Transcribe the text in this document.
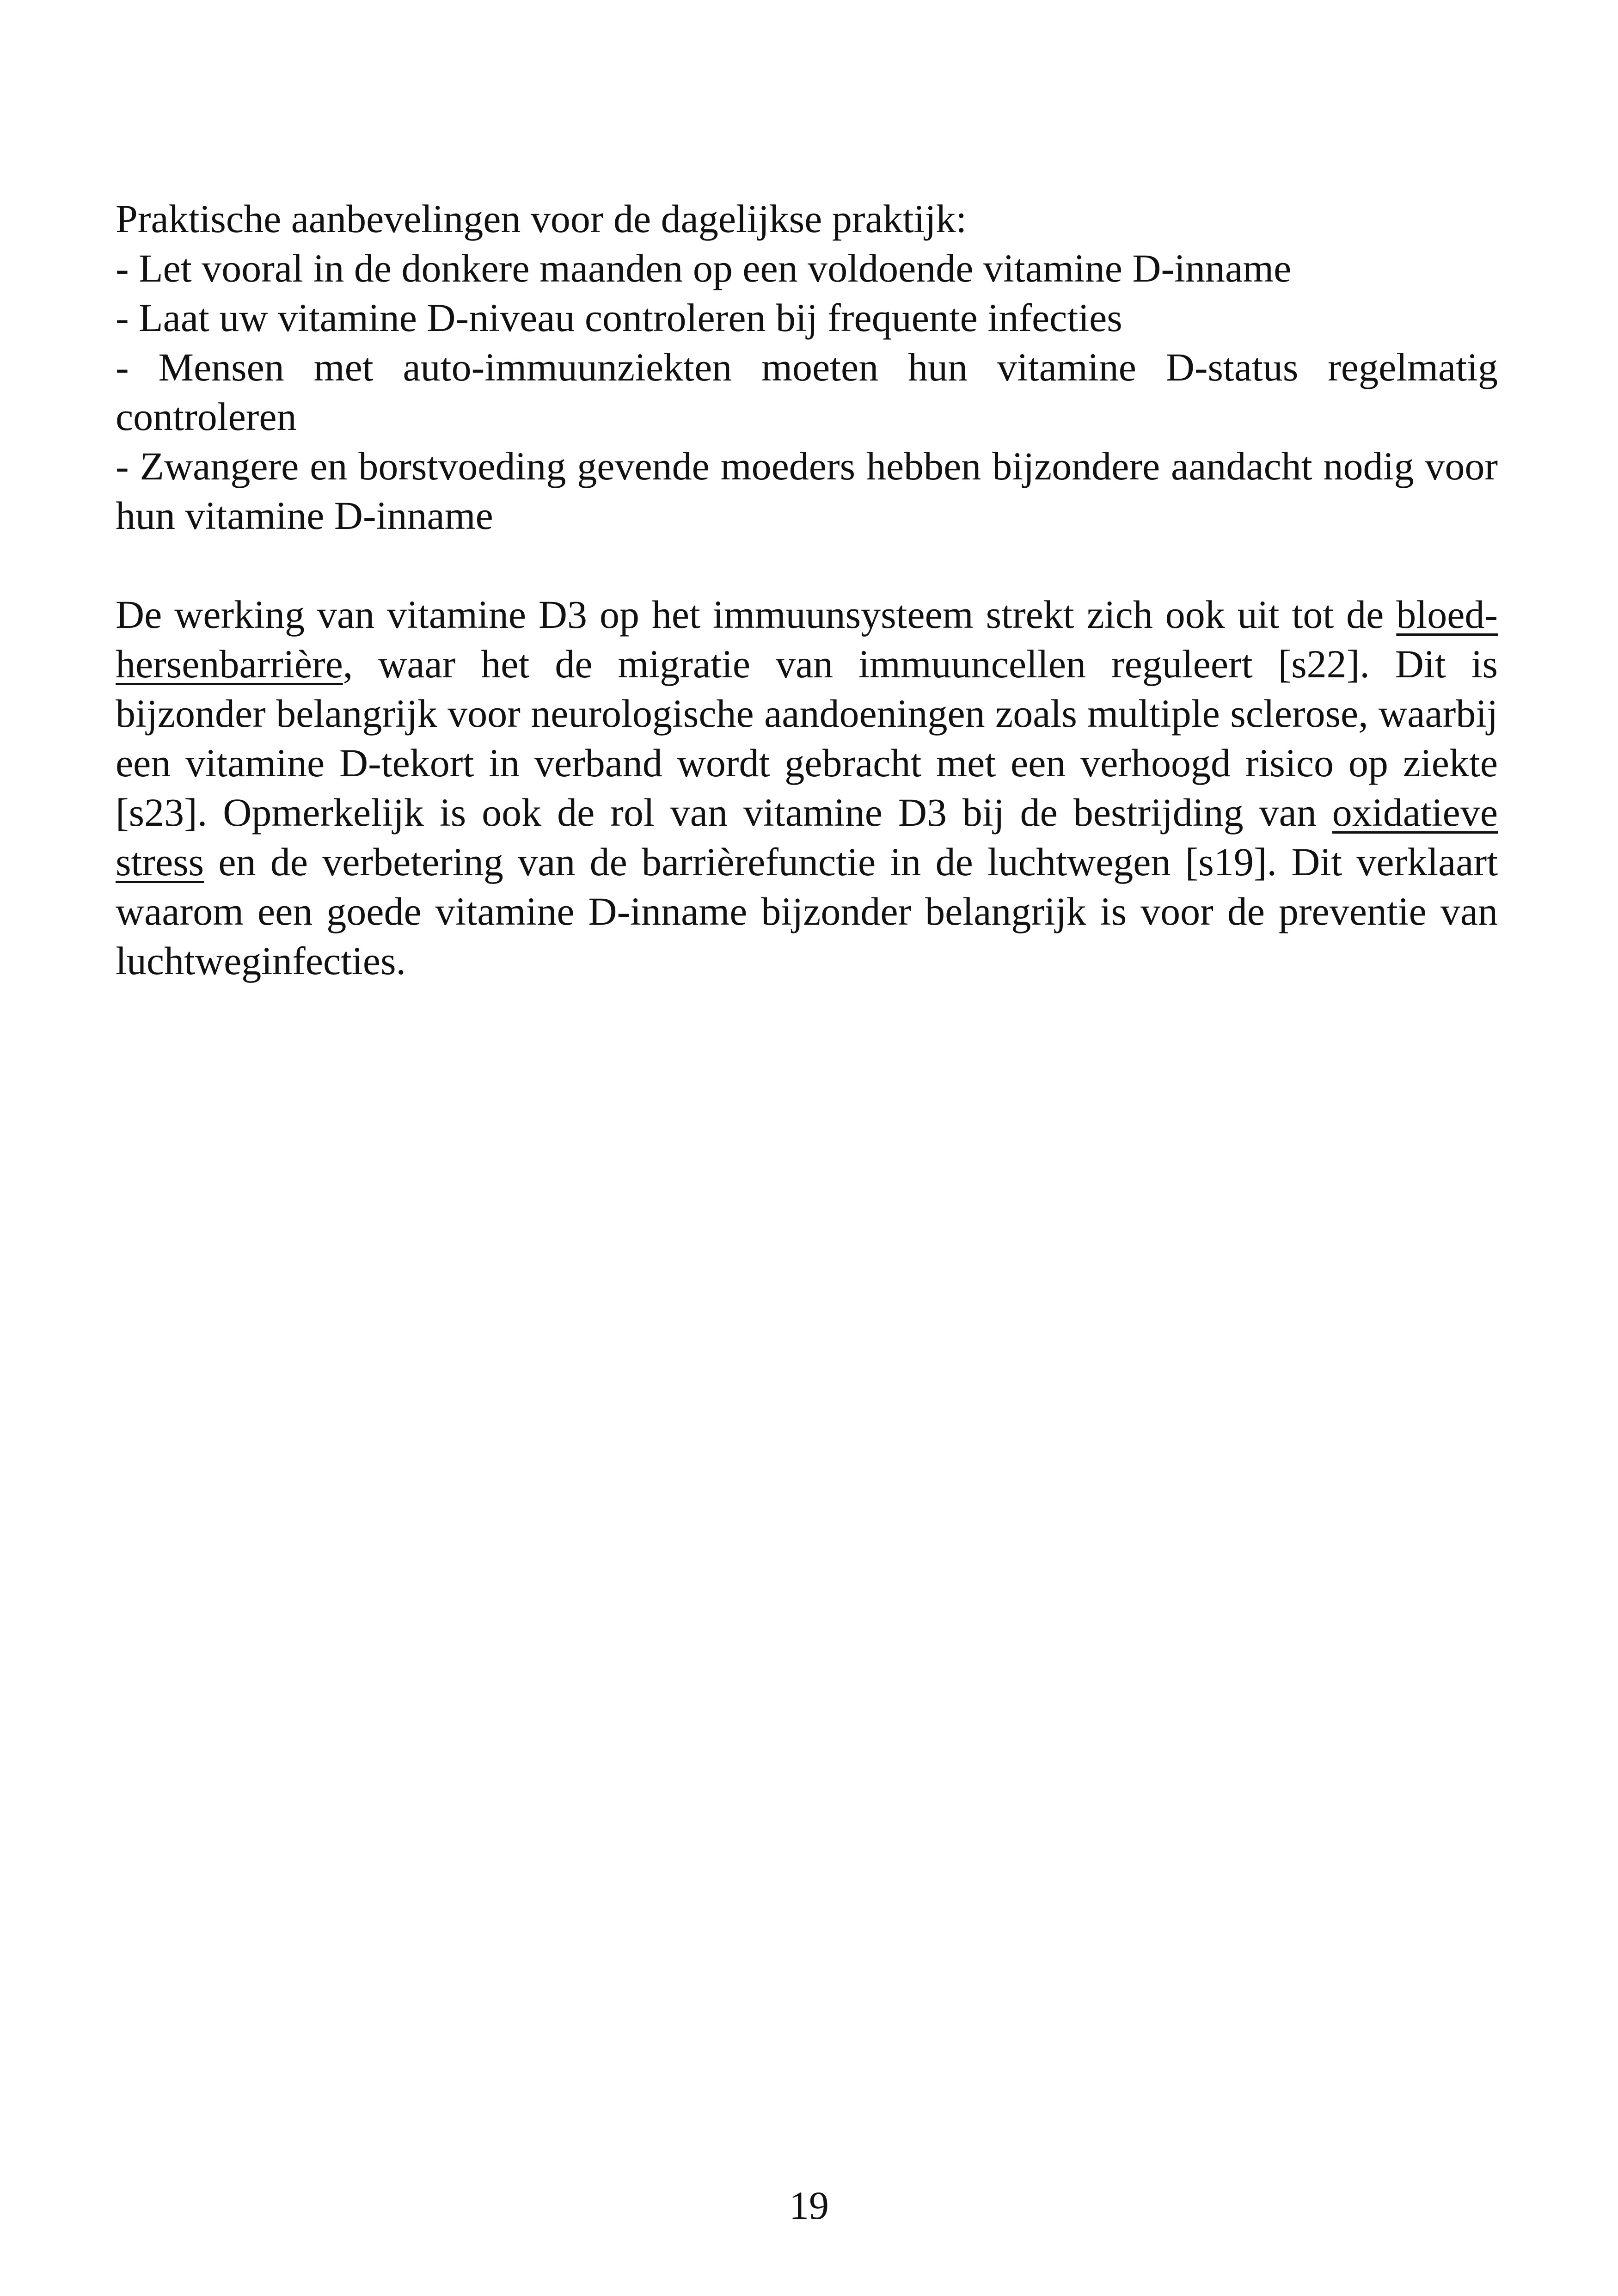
Praktische aanbevelingen voor de dagelijkse praktijk:

- Let vooral in de donkere maanden op een voldoende vitamine D-inname

- Laat uw vitamine D-niveau controleren bij frequente infecties

- Mensen met auto-immuunziekten moeten hun vitamine D-status regelmatig controleren

- Zwangere en borstvoeding gevende moeders hebben bijzondere aandacht nodig voor hun vitamine D-inname

De werking van vitamine D3 op het immuunsysteem strekt zich ook uit tot de bloed-hersenbarrière, waar het de migratie van immuuncellen reguleert [s22]. Dit is bijzonder belangrijk voor neurologische aandoeningen zoals multiple sclerose, waarbij een vitamine D-tekort in verband wordt gebracht met een verhoogd risico op ziekte [s23]. Opmerkelijk is ook de rol van vitamine D3 bij de bestrijding van oxidatieve stress en de verbetering van de barrièrefunctie in de luchtwegen [s19]. Dit verklaart waarom een goede vitamine D-inname bijzonder belangrijk is voor de preventie van luchtweginfecties.

19
